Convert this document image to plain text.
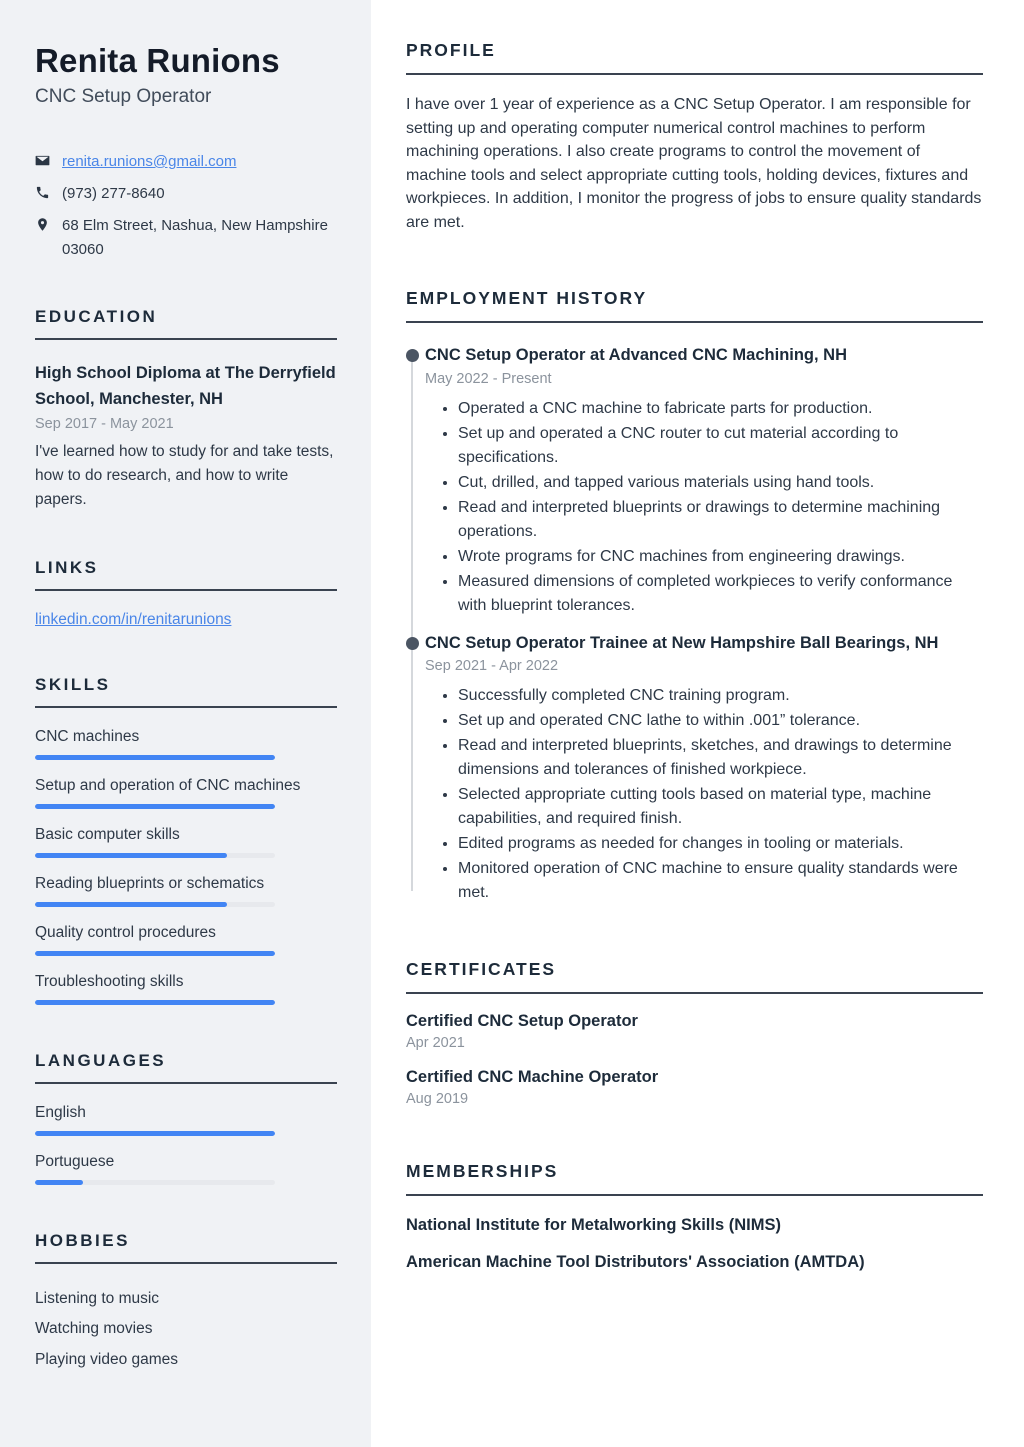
Renita Runions
CNC Setup Operator
renita.runions@gmail.com
(973) 277-8640
68 Elm Street, Nashua, New Hampshire 03060
EDUCATION
High School Diploma at The Derryfield School, Manchester, NH
Sep 2017 - May 2021
I've learned how to study for and take tests, how to do research, and how to write papers.
LINKS
linkedin.com/in/renitarunions
SKILLS
CNC machines
Setup and operation of CNC machines
Basic computer skills
Reading blueprints or schematics
Quality control procedures
Troubleshooting skills
LANGUAGES
English
Portuguese
HOBBIES
Listening to music
Watching movies
Playing video games
PROFILE

I have over 1 year of experience as a CNC Setup Operator. I am responsible for setting up and operating computer numerical control machines to perform machining operations. I also create programs to control the movement of machine tools and select appropriate cutting tools, holding devices, fixtures and workpieces. In addition, I monitor the progress of jobs to ensure quality standards are met.

EMPLOYMENT HISTORY
CNC Setup Operator at Advanced CNC Machining, NH
May 2022 - Present
• Operated a CNC machine to fabricate parts for production.
• Set up and operated a CNC router to cut material according to specifications.
• Cut, drilled, and tapped various materials using hand tools.
• Read and interpreted blueprints or drawings to determine machining operations.
• Wrote programs for CNC machines from engineering drawings.
• Measured dimensions of completed workpieces to verify conformance with blueprint tolerances.
CNC Setup Operator Trainee at New Hampshire Ball Bearings, NH
Sep 2021 - Apr 2022
• Successfully completed CNC training program.
• Set up and operated CNC lathe to within .001” tolerance.
• Read and interpreted blueprints, sketches, and drawings to determine dimensions and tolerances of finished workpiece.
• Selected appropriate cutting tools based on material type, machine capabilities, and required finish.
• Edited programs as needed for changes in tooling or materials.
• Monitored operation of CNC machine to ensure quality standards were met.
CERTIFICATES
Certified CNC Setup Operator
Apr 2021
Certified CNC Machine Operator
Aug 2019
MEMBERSHIPS
National Institute for Metalworking Skills (NIMS)
American Machine Tool Distributors' Association (AMTDA)
